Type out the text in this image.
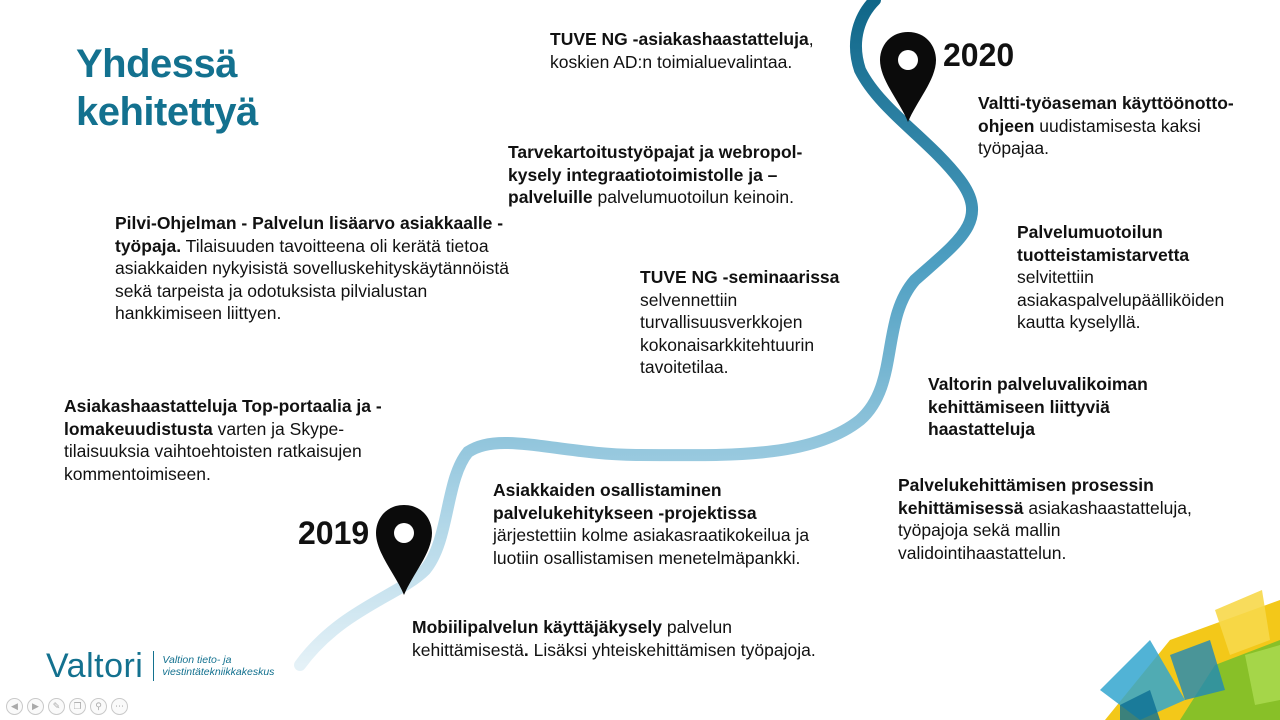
Yhdessä
kehitettyä
2019
2020
TUVE NG -asiakashaastatteluja, koskien AD:n toimialuevalintaa.
Valtti-työaseman käyttöönotto-ohjeen uudistamisesta kaksi työpajaa.
Tarvekartoitustyöpajat ja webropol-kysely integraatiotoimistolle ja – palveluille palvelumuotoilun keinoin.
Pilvi-Ohjelman - Palvelun lisäarvo asiakkaalle -työpaja. Tilaisuuden tavoitteena oli kerätä tietoa asiakkaiden nykyisistä sovelluskehityskäytännöistä sekä tarpeista ja odotuksista pilvialustan hankkimiseen liittyen.
Palvelumuotoilun tuotteistamistarvetta selvitettiin asiakaspalvelupäälliköiden kautta kyselyllä.
TUVE NG -seminaarissa selvennettiin turvallisuusverkkojen kokonaisarkkitehtuurin tavoitetilaa.
Valtorin palveluvalikoiman kehittämiseen liittyviä haastatteluja
Asiakashaastatteluja Top-portaalia ja -lomakeuudistusta varten ja Skype-tilaisuuksia vaihtoehtoisten ratkaisujen kommentoimiseen.
Palvelukehittämisen prosessin kehittämisessä asiakashaastatteluja, työpajoja sekä mallin validointihaastattelun.
Asiakkaiden osallistaminen palvelukehitykseen -projektissa järjestettiin kolme asiakasraatikokeilua ja luotiin osallistamisen menetelmäpankki.
Mobiilipalvelun käyttäjäkysely palvelun kehittämisestä. Lisäksi yhteiskehittämisen työpajoja.
Valtori Valtion tieto- ja
viestintätekniikkakeskus
◀	▶	✎	❐	⚲	⋯
